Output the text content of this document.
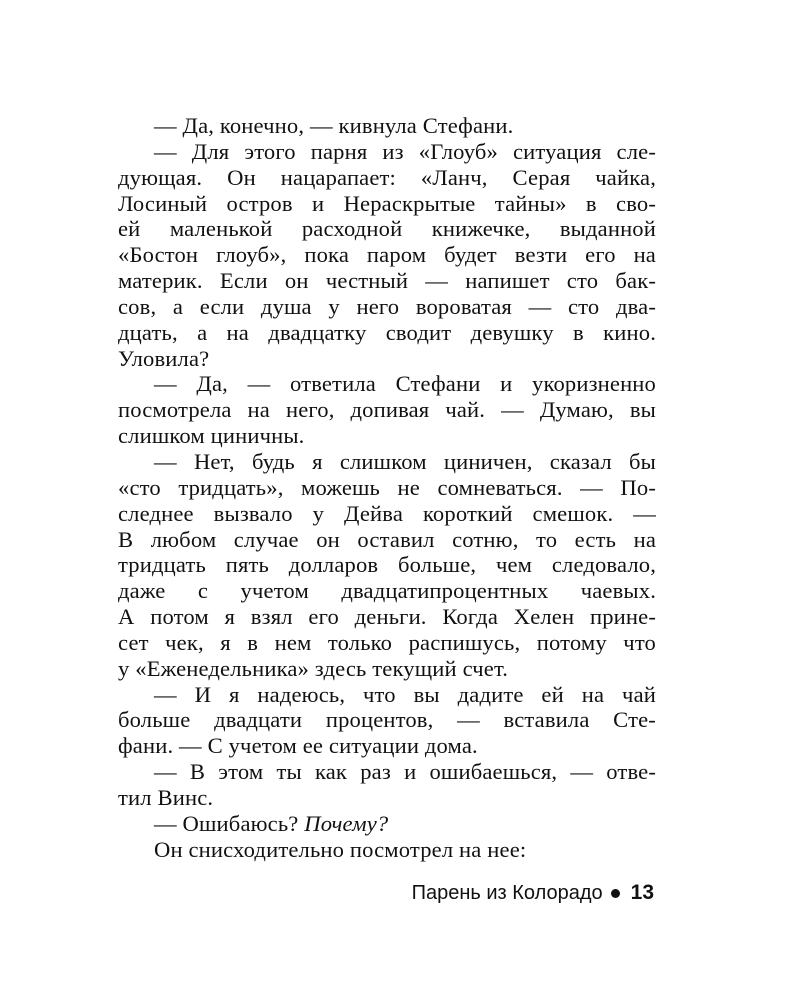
— Да, конечно, — кивнула Стефани.
— Для этого парня из «Глоуб» ситуация сле-
дующая. Он нацарапает: «Ланч, Серая чайка,
Лосиный остров и Нераскрытые тайны» в сво-
ей маленькой расходной книжечке, выданной
«Бостон глоуб», пока паром будет везти его на
материк. Если он честный — напишет сто бак-
сов, а если душа у него вороватая — сто два-
дцать, а на двадцатку сводит девушку в кино.
Уловила?
— Да, — ответила Стефани и укоризненно
посмотрела на него, допивая чай. — Думаю, вы
слишком циничны.
— Нет, будь я слишком циничен, сказал бы
«сто тридцать», можешь не сомневаться. — По-
следнее вызвало у Дейва короткий смешок. —
В любом случае он оставил сотню, то есть на
тридцать пять долларов больше, чем следовало,
даже с учетом двадцатипроцентных чаевых.
А потом я взял его деньги. Когда Хелен прине-
сет чек, я в нем только распишусь, потому что
у «Еженедельника» здесь текущий счет.
— И я надеюсь, что вы дадите ей на чай
больше двадцати процентов, — вставила Сте-
фани. — С учетом ее ситуации дома.
— В этом ты как раз и ошибаешься, — отве-
тил Винс.
— Ошибаюсь? Почему?
Он снисходительно посмотрел на нее:
Парень из Колорадо 13
